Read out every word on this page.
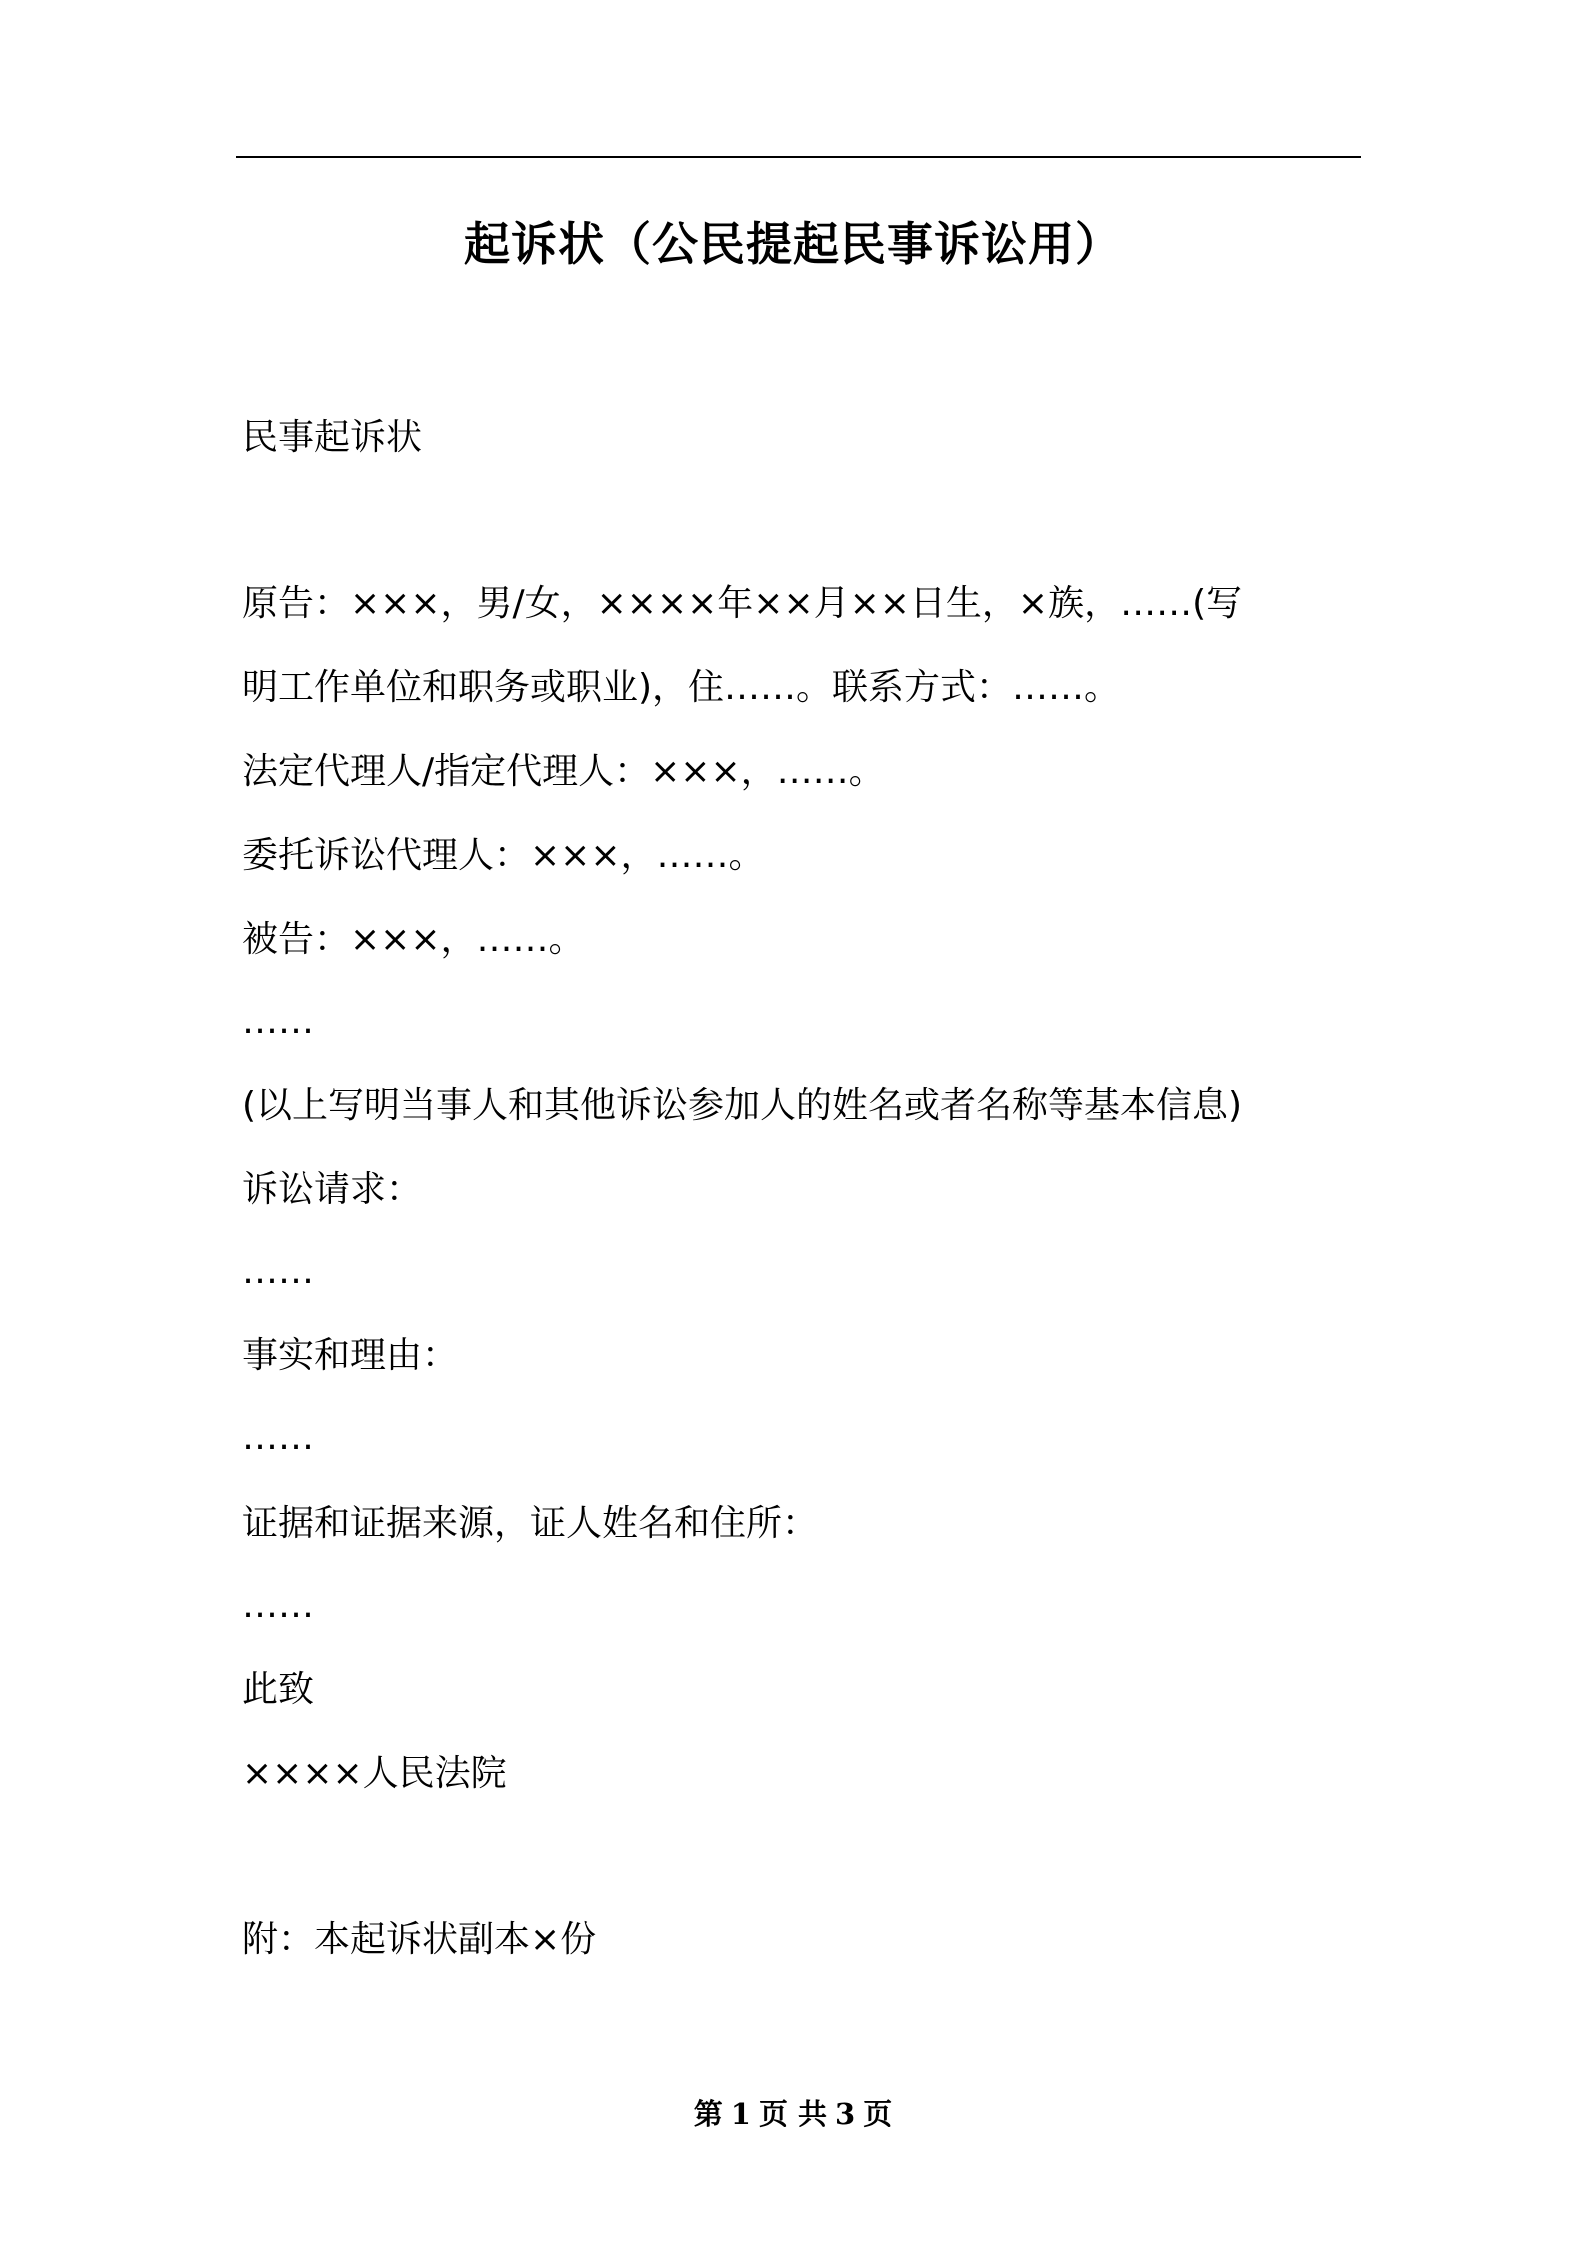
起诉状（公民提起民事诉讼用）
民事起诉状
原告：×××，男/女，××××年××月××日生，×族，……(写
明工作单位和职务或职业)，住……。联系方式：……。
法定代理人/指定代理人：×××，……。
委托诉讼代理人：×××，……。
被告：×××，……。
……
(以上写明当事人和其他诉讼参加人的姓名或者名称等基本信息)
诉讼请求：
……
事实和理由：
……
证据和证据来源，证人姓名和住所：
……
此致
××××人民法院
附：本起诉状副本×份
第 1 页 共 3 页
